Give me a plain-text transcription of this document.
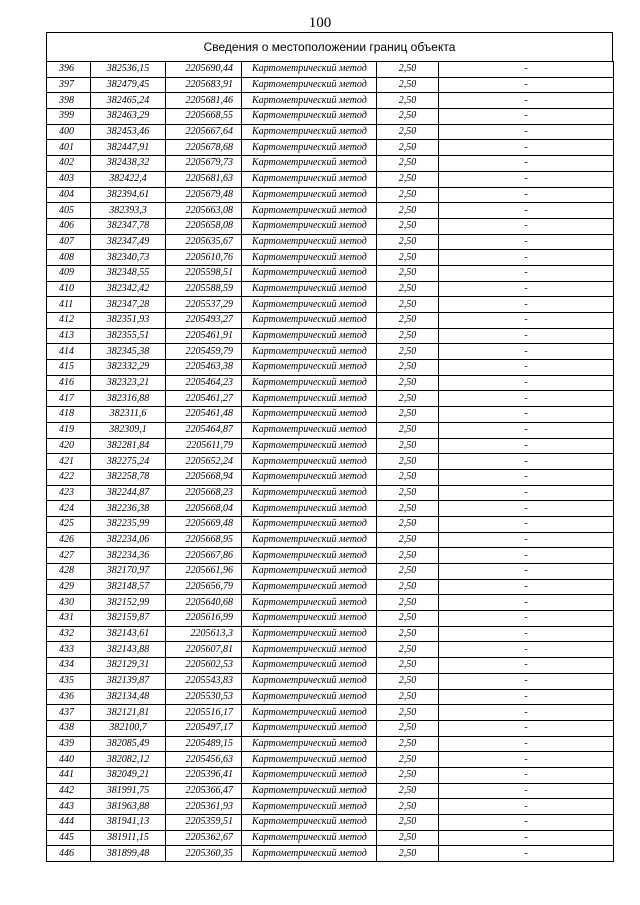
100
Сведения о местоположении границ объекта
396	382536,15	2205690,44	Картометрический метод	2,50	-
397	382479,45	2205683,91	Картометрический метод	2,50	-
398	382465,24	2205681,46	Картометрический метод	2,50	-
399	382463,29	2205668,55	Картометрический метод	2,50	-
400	382453,46	2205667,64	Картометрический метод	2,50	-
401	382447,91	2205678,68	Картометрический метод	2,50	-
402	382438,32	2205679,73	Картометрический метод	2,50	-
403	382422,4	2205681,63	Картометрический метод	2,50	-
404	382394,61	2205679,48	Картометрический метод	2,50	-
405	382393,3	2205663,08	Картометрический метод	2,50	-
406	382347,78	2205658,08	Картометрический метод	2,50	-
407	382347,49	2205635,67	Картометрический метод	2,50	-
408	382340,73	2205610,76	Картометрический метод	2,50	-
409	382348,55	2205598,51	Картометрический метод	2,50	-
410	382342,42	2205588,59	Картометрический метод	2,50	-
411	382347,28	2205537,29	Картометрический метод	2,50	-
412	382351,93	2205493,27	Картометрический метод	2,50	-
413	382355,51	2205461,91	Картометрический метод	2,50	-
414	382345,38	2205459,79	Картометрический метод	2,50	-
415	382332,29	2205463,38	Картометрический метод	2,50	-
416	382323,21	2205464,23	Картометрический метод	2,50	-
417	382316,88	2205461,27	Картометрический метод	2,50	-
418	382311,6	2205461,48	Картометрический метод	2,50	-
419	382309,1	2205464,87	Картометрический метод	2,50	-
420	382281,84	2205611,79	Картометрический метод	2,50	-
421	382275,24	2205652,24	Картометрический метод	2,50	-
422	382258,78	2205668,94	Картометрический метод	2,50	-
423	382244,87	2205668,23	Картометрический метод	2,50	-
424	382236,38	2205668,04	Картометрический метод	2,50	-
425	382235,99	2205669,48	Картометрический метод	2,50	-
426	382234,06	2205668,95	Картометрический метод	2,50	-
427	382234,36	2205667,86	Картометрический метод	2,50	-
428	382170,97	2205661,96	Картометрический метод	2,50	-
429	382148,57	2205656,79	Картометрический метод	2,50	-
430	382152,99	2205640,68	Картометрический метод	2,50	-
431	382159,87	2205616,99	Картометрический метод	2,50	-
432	382143,61	2205613,3	Картометрический метод	2,50	-
433	382143,88	2205607,81	Картометрический метод	2,50	-
434	382129,31	2205602,53	Картометрический метод	2,50	-
435	382139,87	2205543,83	Картометрический метод	2,50	-
436	382134,48	2205530,53	Картометрический метод	2,50	-
437	382121,81	2205516,17	Картометрический метод	2,50	-
438	382100,7	2205497,17	Картометрический метод	2,50	-
439	382085,49	2205489,15	Картометрический метод	2,50	-
440	382082,12	2205456,63	Картометрический метод	2,50	-
441	382049,21	2205396,41	Картометрический метод	2,50	-
442	381991,75	2205366,47	Картометрический метод	2,50	-
443	381963,88	2205361,93	Картометрический метод	2,50	-
444	381941,13	2205359,51	Картометрический метод	2,50	-
445	381911,15	2205362,67	Картометрический метод	2,50	-
446	381899,48	2205360,35	Картометрический метод	2,50	-
